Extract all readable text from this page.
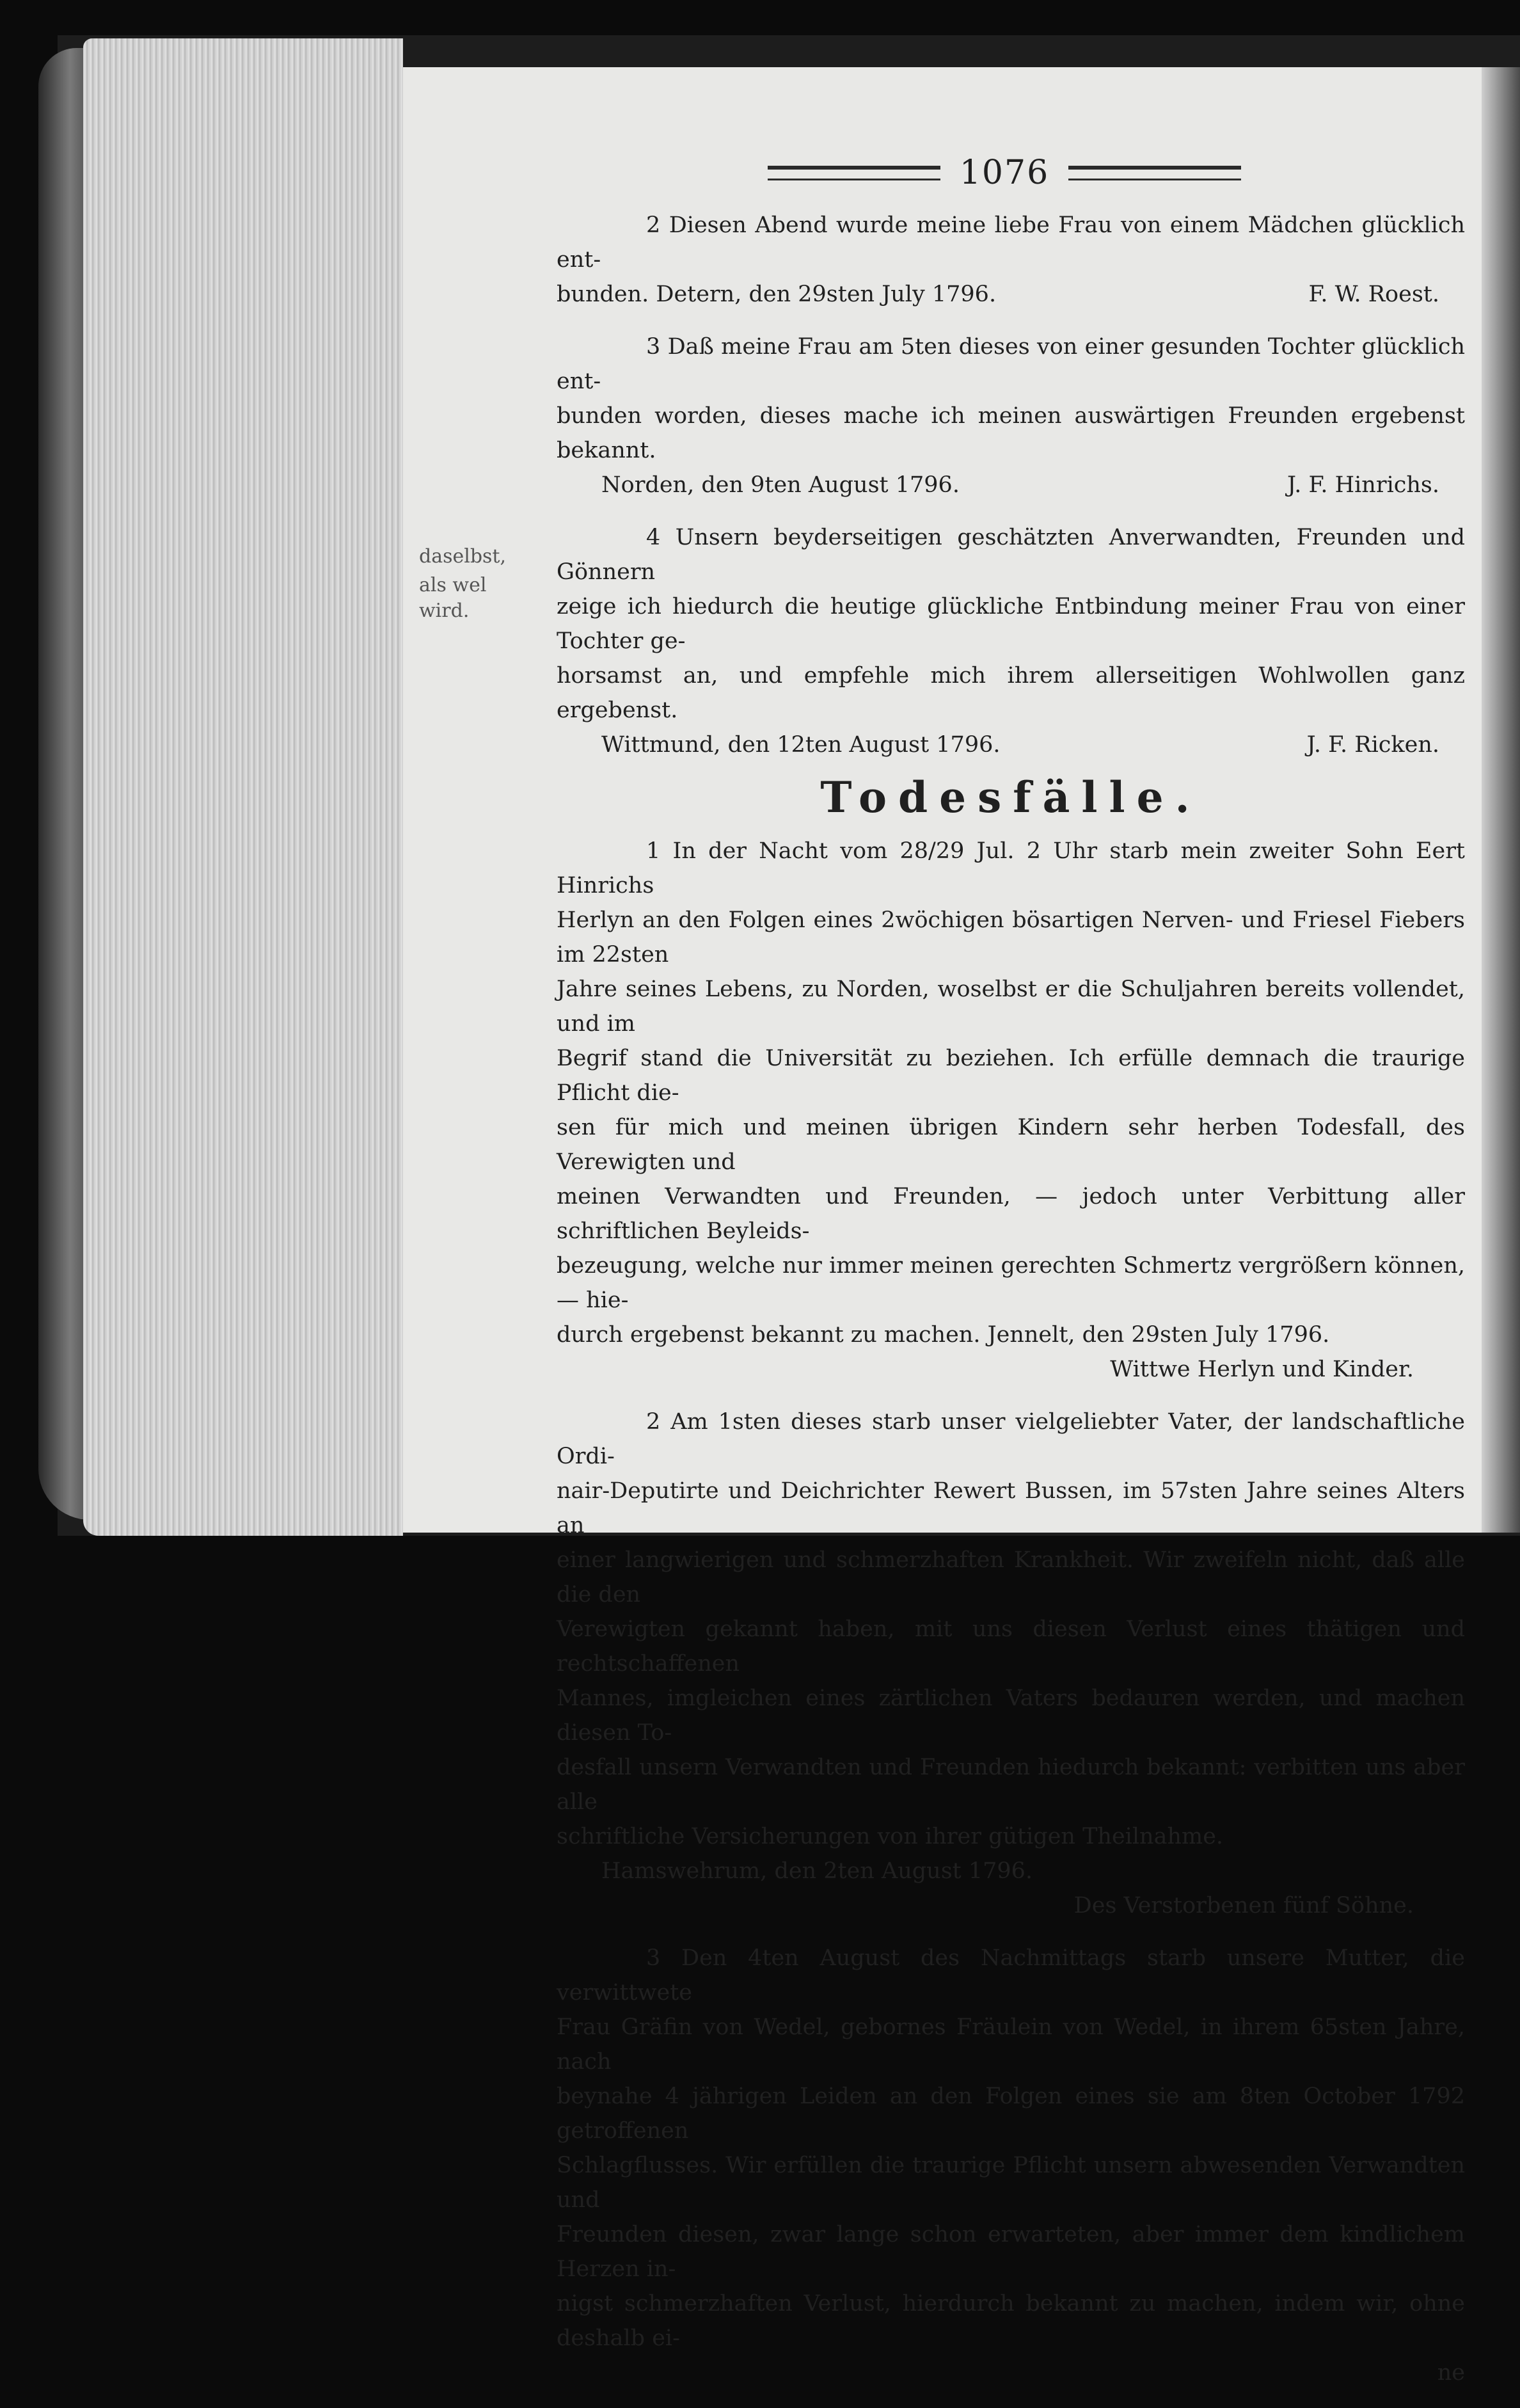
1076

2 Diesen Abend wurde meine liebe Frau von einem Mädchen glücklich ent-

bunden. Detern, den 29sten July 1796.	F. W. Roest.

3 Daß meine Frau am 5ten dieses von einer gesunden Tochter glücklich ent-

bunden worden, dieses mache ich meinen auswärtigen Freunden ergebenst bekannt.

Norden, den 9ten August 1796.	J. F. Hinrichs.

4 Unsern beyderseitigen geschätzten Anverwandten, Freunden und Gönnern

zeige ich hiedurch die heutige glückliche Entbindung meiner Frau von einer Tochter ge-

horsamst an, und empfehle mich ihrem allerseitigen Wohlwollen ganz ergebenst.

Wittmund, den 12ten August 1796.	J. F. Ricken.
Todesfälle.

1 In der Nacht vom 28/29 Jul. 2 Uhr starb mein zweiter Sohn Eert Hinrichs

Herlyn an den Folgen eines 2wöchigen bösartigen Nerven- und Friesel Fiebers im 22sten

Jahre seines Lebens, zu Norden, woselbst er die Schuljahren bereits vollendet, und im

Begrif stand die Universität zu beziehen. Ich erfülle demnach die traurige Pflicht die-

sen für mich und meinen übrigen Kindern sehr herben Todesfall, des Verewigten und

meinen Verwandten und Freunden, — jedoch unter Verbittung aller schriftlichen Beyleids-

bezeugung, welche nur immer meinen gerechten Schmertz vergrößern können, — hie-

durch ergebenst bekannt zu machen. Jennelt, den 29sten July 1796.

Wittwe Herlyn und Kinder.

2 Am 1sten dieses starb unser vielgeliebter Vater, der landschaftliche Ordi-

nair-Deputirte und Deichrichter Rewert Bussen, im 57sten Jahre seines Alters an

einer langwierigen und schmerzhaften Krankheit. Wir zweifeln nicht, daß alle die den

Verewigten gekannt haben, mit uns diesen Verlust eines thätigen und rechtschaffenen

Mannes, imgleichen eines zärtlichen Vaters bedauren werden, und machen diesen To-

desfall unsern Verwandten und Freunden hiedurch bekannt: verbitten uns aber alle

schriftliche Versicherungen von ihrer gütigen Theilnahme.

Hamswehrum, den 2ten August 1796.

Des Verstorbenen fünf Söhne.

3 Den 4ten August des Nachmittags starb unsere Mutter, die verwittwete

Frau Gräfin von Wedel, gebornes Fräulein von Wedel, in ihrem 65sten Jahre, nach

beynahe 4 jährigen Leiden an den Folgen eines sie am 8ten October 1792 getroffenen

Schlagflusses. Wir erfüllen die traurige Pflicht unsern abwesenden Verwandten und

Freunden diesen, zwar lange schon erwarteten, aber immer dem kindlichem Herzen in-

nigst schmerzhaften Verlust, hierdurch bekannt zu machen, indem wir, ohne deshalb ei-

ne
daselbst,
als wel
wird.
